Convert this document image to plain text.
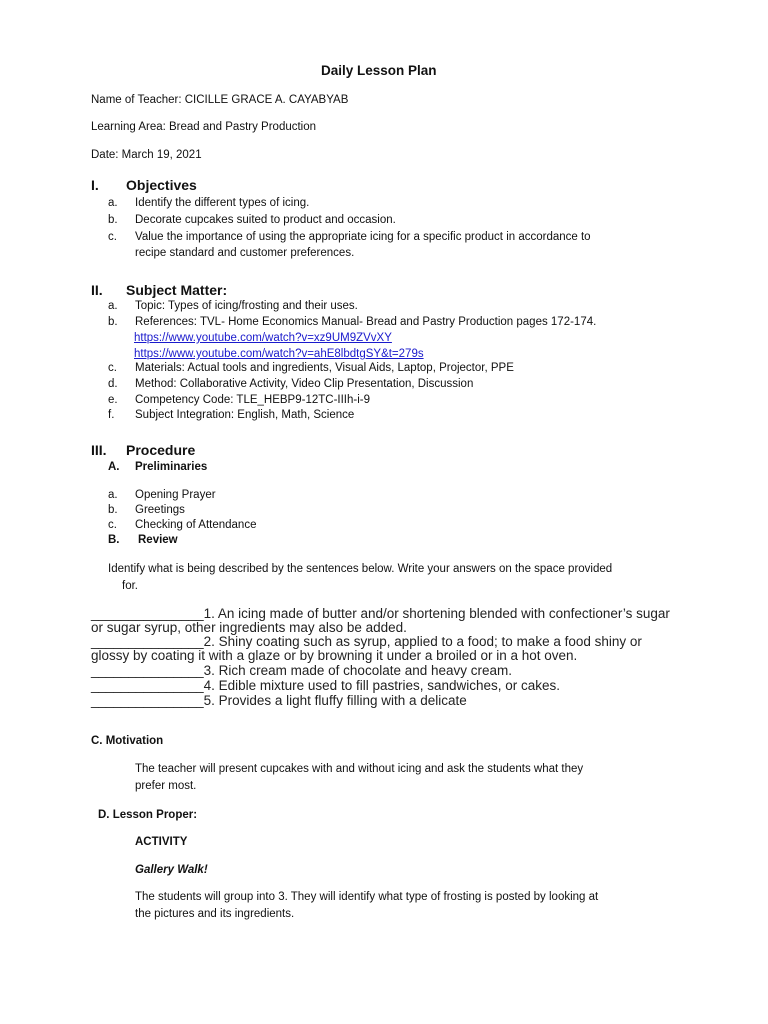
Daily Lesson Plan
Name of Teacher: CICILLE GRACE A. CAYABYAB
Learning Area: Bread and Pastry Production
Date: March 19, 2021
I. Objectives
a. Identify the different types of icing.
b. Decorate cupcakes suited to product and occasion.
c. Value the importance of using the appropriate icing for a specific product in accordance to
recipe standard and customer preferences.
II. Subject Matter:
a. Topic: Types of icing/frosting and their uses.
b. References: TVL- Home Economics Manual- Bread and Pastry Production pages 172-174.
https://www.youtube.com/watch?v=xz9UM9ZVvXY
https://www.youtube.com/watch?v=ahE8lbdtgSY&t=279s
c. Materials: Actual tools and ingredients, Visual Aids, Laptop, Projector, PPE
d. Method: Collaborative Activity, Video Clip Presentation, Discussion
e. Competency Code: TLE_HEBP9-12TC-IIIh-i-9
f. Subject Integration: English, Math, Science
III. Procedure
A. Preliminaries
a. Opening Prayer
b. Greetings
c. Checking of Attendance
B. Review
Identify what is being described by the sentences below. Write your answers on the space provided
for.
_______________1. An icing made of butter and/or shortening blended with confectioner’s sugar
or sugar syrup, other ingredients may also be added.
_______________2. Shiny coating such as syrup, applied to a food; to make a food shiny or
glossy by coating it with a glaze or by browning it under a broiled or in a hot oven.
_______________3. Rich cream made of chocolate and heavy cream.
_______________4. Edible mixture used to fill pastries, sandwiches, or cakes.
_______________5. Provides a light fluffy filling with a delicate
C. Motivation
The teacher will present cupcakes with and without icing and ask the students what they
prefer most.
D. Lesson Proper:
ACTIVITY
Gallery Walk!
The students will group into 3. They will identify what type of frosting is posted by looking at
the pictures and its ingredients.
